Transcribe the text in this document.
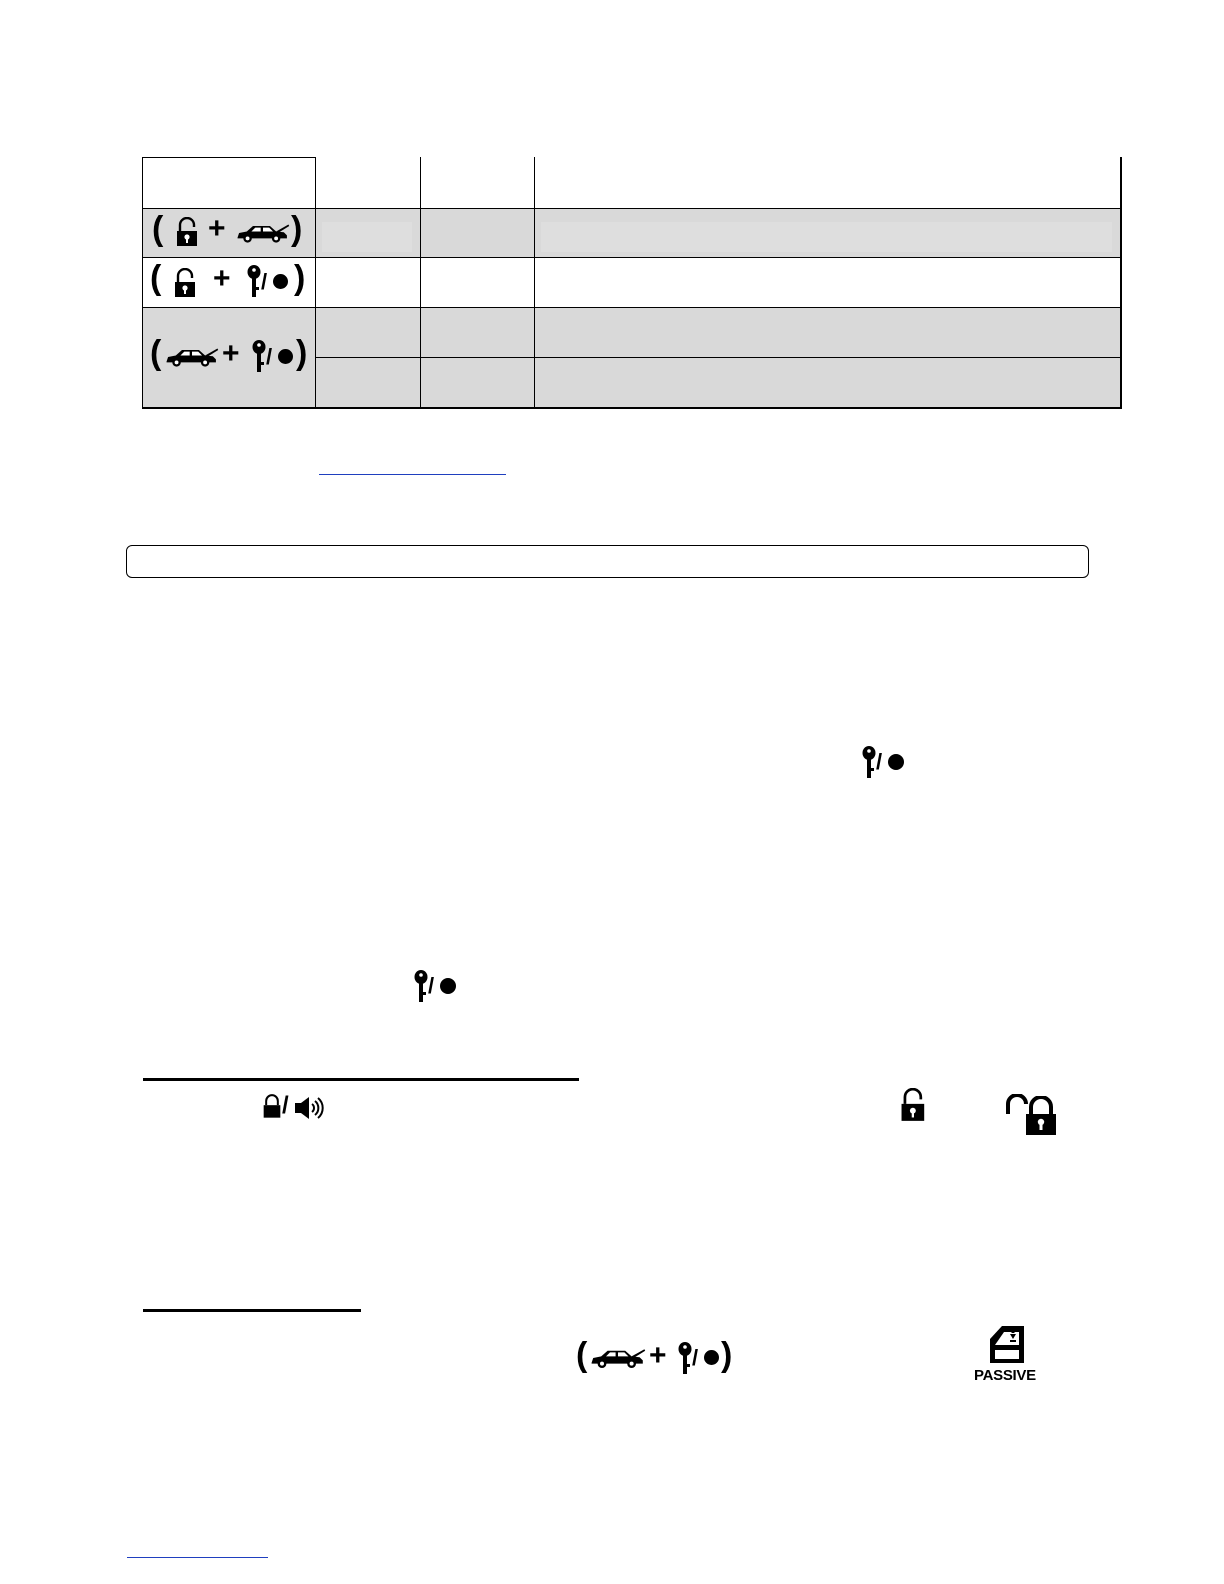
( + )
( + / )
( + / )
/
/
/
( + / )
PASSIVE
